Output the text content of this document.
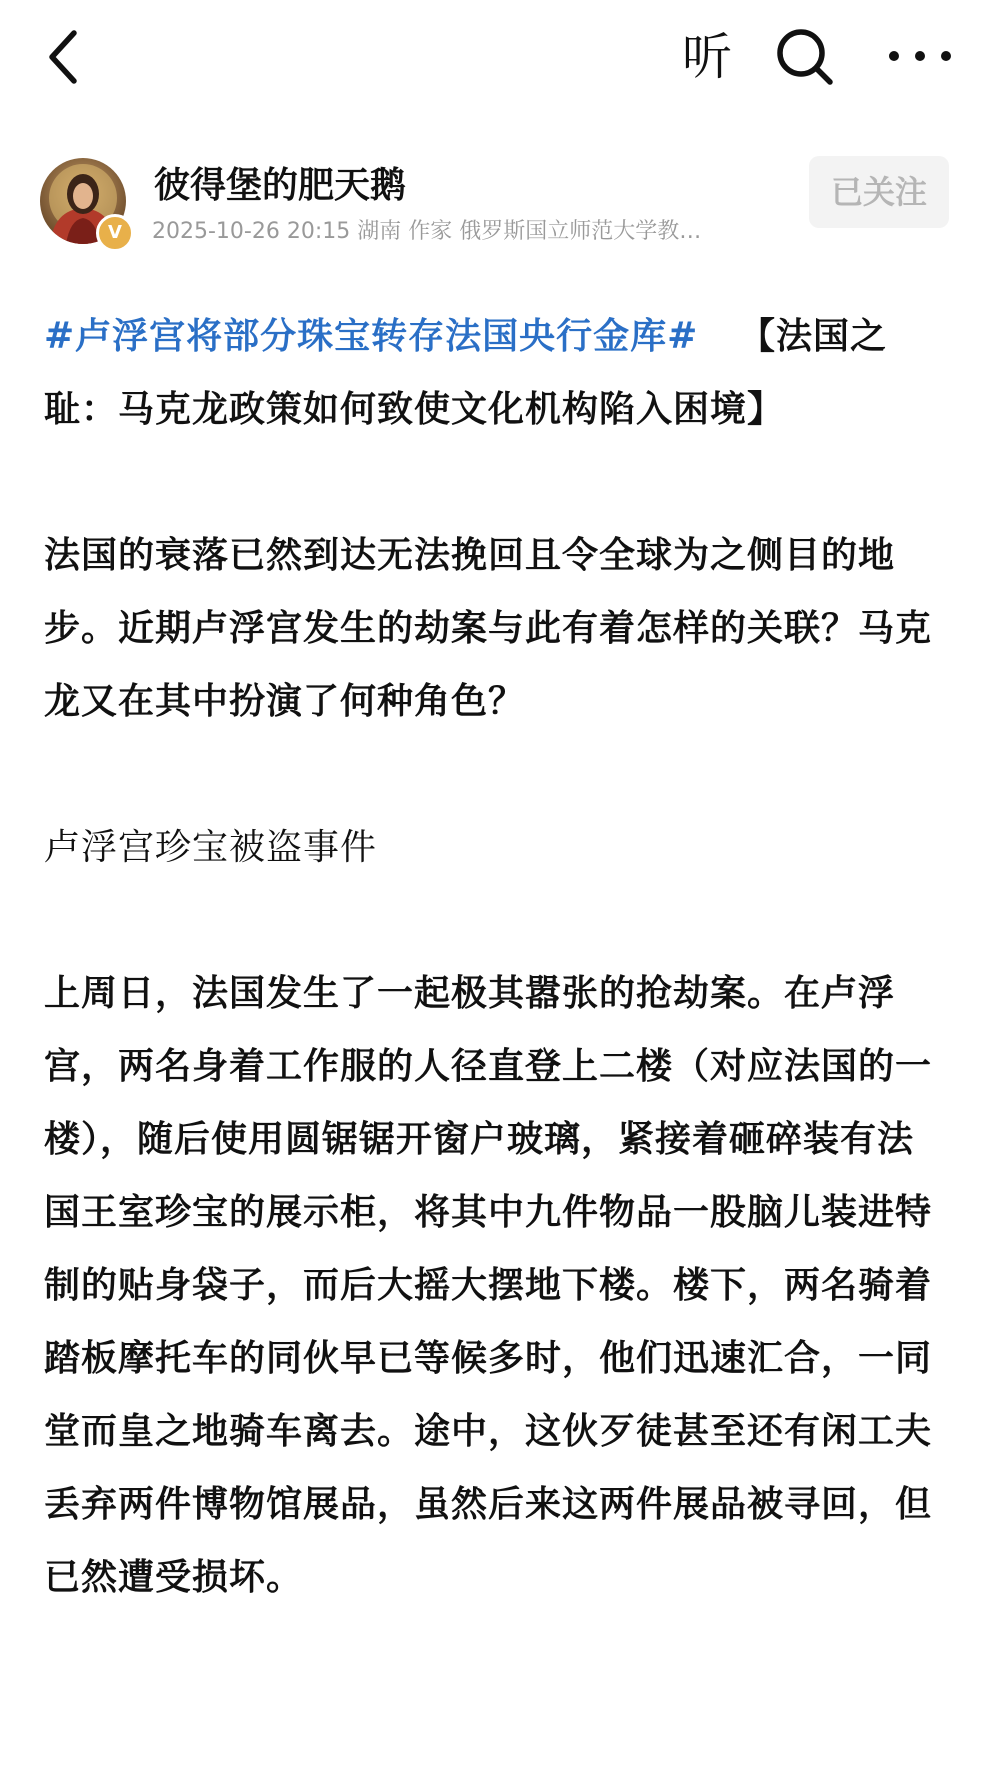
听
V
彼得堡的肥天鹅
2025-10-26 20:15 湖南 作家 俄罗斯国立师范大学教…
已关注

#卢浮宫将部分珠宝转存法国央行金库# 【法国之耻：马克龙政策如何致使文化机构陷入困境】

法国的衰落已然到达无法挽回且令全球为之侧目的地步。近期卢浮宫发生的劫案与此有着怎样的关联？马克龙又在其中扮演了何种角色？

卢浮宫珍宝被盗事件

上周日，法国发生了一起极其嚣张的抢劫案。在卢浮宫，两名身着工作服的人径直登上二楼（对应法国的一楼），随后使用圆锯锯开窗户玻璃，紧接着砸碎装有法国王室珍宝的展示柜，将其中九件物品一股脑儿装进特制的贴身袋子，而后大摇大摆地下楼。楼下，两名骑着踏板摩托车的同伙早已等候多时，他们迅速汇合，一同堂而皇之地骑车离去。途中，这伙歹徒甚至还有闲工夫丢弃两件博物馆展品，虽然后来这两件展品被寻回，但已然遭受损坏。
